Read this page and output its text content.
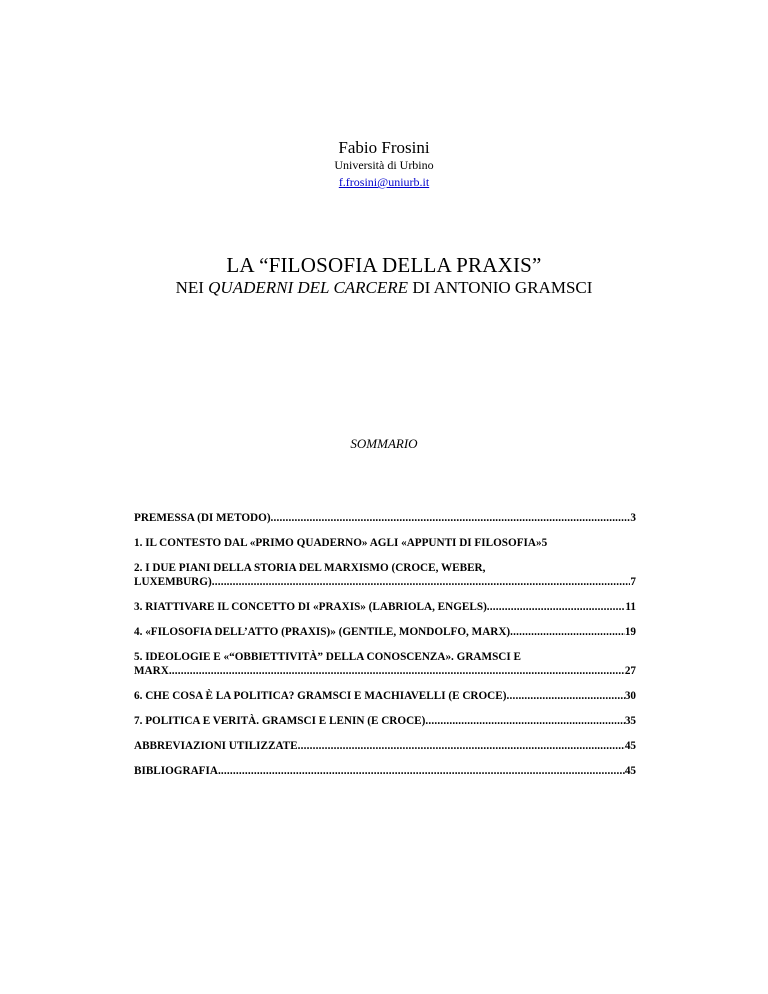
Fabio Frosini
Università di Urbino
f.frosini@uniurb.it
LA “FILOSOFIA DELLA PRAXIS”
NEI QUADERNI DEL CARCERE DI ANTONIO GRAMSCI
SOMMARIO
PREMESSA (DI METODO) .....	3
1. IL CONTESTO DAL «PRIMO QUADERNO» AGLI «APPUNTI DI FILOSOFIA» 5
2. I DUE PIANI DELLA STORIA DEL MARXISMO (CROCE, WEBER,
LUXEMBURG) .....	7
3. RIATTIVARE IL CONCETTO DI «PRAXIS» (LABRIOLA, ENGELS) .....	11
4. «FILOSOFIA DELL’ATTO (PRAXIS)» (GENTILE, MONDOLFO, MARX) .....	19
5. IDEOLOGIE E «“OBBIETTIVITÀ” DELLA CONOSCENZA». GRAMSCI E
MARX .....	27
6. CHE COSA È LA POLITICA? GRAMSCI E MACHIAVELLI (E CROCE) .....	30
7. POLITICA E VERITÀ. GRAMSCI E LENIN (E CROCE) .....	35
ABBREVIAZIONI UTILIZZATE .....	45
BIBLIOGRAFIA .....	45
